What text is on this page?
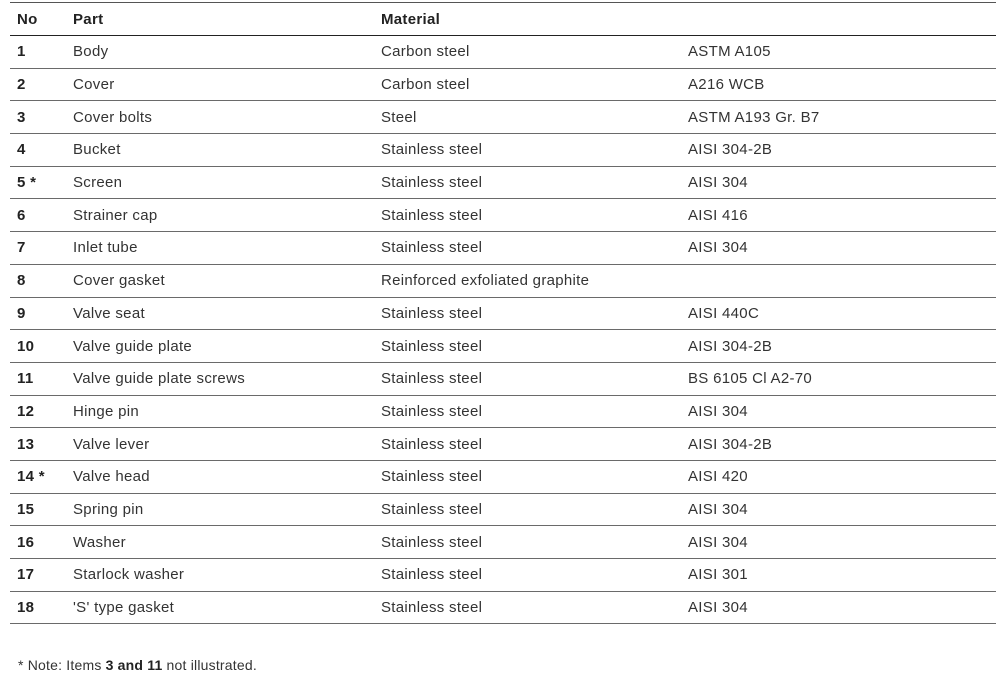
No	Part	Material
1	Body	Carbon steel	ASTM A105
2	Cover	Carbon steel	A216 WCB
3	Cover bolts	Steel	ASTM A193 Gr. B7
4	Bucket	Stainless steel	AISI 304-2B
5 *	Screen	Stainless steel	AISI 304
6	Strainer cap	Stainless steel	AISI 416
7	Inlet tube	Stainless steel	AISI 304
8	Cover gasket	Reinforced exfoliated graphite
9	Valve seat	Stainless steel	AISI 440C
10	Valve guide plate	Stainless steel	AISI 304-2B
11	Valve guide plate screws	Stainless steel	BS 6105 Cl A2-70
12	Hinge pin	Stainless steel	AISI 304
13	Valve lever	Stainless steel	AISI 304-2B
14 *	Valve head	Stainless steel	AISI 420
15	Spring pin	Stainless steel	AISI 304
16	Washer	Stainless steel	AISI 304
17	Starlock washer	Stainless steel	AISI 301
18	'S' type gasket	Stainless steel	AISI 304
* Note: Items 3 and 11 not illustrated.
